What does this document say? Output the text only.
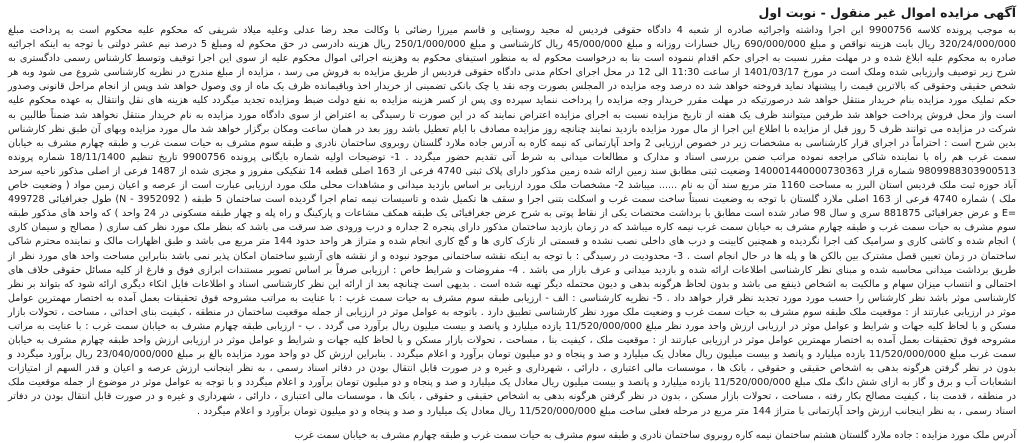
آگهی مزایده اموال غیر منقول - نوبت اول

به موجب پرونده کلاسه 9900756 این اجرا وداشته واجرائیه صادره از شعبه 4 دادگاه حقوقی فردیس له مجید روستایی و قاسم میرزا رضائی با وکالت مجد رضا عدلی وعلیه میلاد شریفی که محکوم علیه محکوم است به پرداخت مبلغ 320/24/000/000 ریال بابت هزینه نواقص و مبلغ 690/000/000 ریال خسارات روزانه و مبلغ 45/000/000 ریال کارشناسی و مبلغ 250/1/000/000 ریال هزینه دادرسی در حق محکوم له ومبلغ 5 درصد نیم عشر دولتی با توجه به اینکه اجرائیه صادره به محکوم علیه ابلاغ شده و در مهلت مقرر نسبت به اجرای حکم اقدام ننموده است بنا به درخواست محکوم له به منظور استیفای محکوم به وهزینه اجرائی اموال محکوم علیه از سوی این اجرا توقیف وتوسط کارشناس رسمی دادگستری به شرح زیر توصیف وارزیابی شده وملک است در مورخ 1401/03/17 از ساعت 11:30 الی 12 در محل اجرای احکام مدنی دادگاه حقوقی فردیس از طریق مزایده به فروش می رسد ، مزایده از مبلغ مندرج در نظریه کارشناسی شروع می شود وبه هر شخص حقیقی وحقوقی که بالاترین قیمت را پیشنهاد نماید فروخته خواهد شد ده درصد وجه مزایده در المجلس بصورت وجه نقد یا چک بانکی تضمینی از خریدار اخذ وباقیمانده ظرف یک ماه از وی وصول خواهد شد وپس از انجام مراحل قانونی وصدور حکم تملیک مورد مزایده بنام خریدار منتقل خواهد شد درصورتیکه در مهلت مقرر خریدار وجه مزایده را پرداخت ننماید سپرده وی پس از کسر هزینه مزایده به نفع دولت ضبط ومزایده تجدید میگردد کلیه هزینه های نقل وانتقال به عهده محکوم علیه است واز محل فروش پرداخت خواهد شد طرفین میتوانند ظرف یک هفته از تاریخ مزایده نسبت به اجرای مزایده اعتراض نمایند که در این صورت تا رسیدگی به اعتراض از سوی دادگاه مورد مزایده به نام خریدار منتقل نخواهد شد ضمناً طالبین به شرکت در مزایده می توانند ظرف 5 روز قبل از مزایده با اطلاع این اجرا از مال مورد مزایده بازدید نمایند چنانچه روز مزایده مصادف با ایام تعطیل باشد روز بعد در همان ساعت ومکان برگزار خواهد شد مال مورد مزایده وبهای آن طبق نظر کارشناس بدین شرح است : احتراماً در اجرای قرار کارشناسی به مشخصات زیر در خصوص ارزیابی 2 واحد آپارتمانی که نیمه کاره به آدرس جاده ملارد گلستان روبروی ساختمان نادری و طبقه سوم مشرف به حیات سمت غرب و طبقه چهارم مشرف به خیابان سمت غرب هم راه با نماینده شاکی مراجعه نموده مراتب ضمن بررسی اسناد و مدارک و مطالعات میدانی به شرط آتی تقدیم حضور میگردد . 1- توضیحات اولیه شماره بایگانی پرونده 9900756 تاریخ تنظیم 18/11/1400 شماره پرونده 9809988303900513 شماره قرار 140001440000730363 وضعیت ثبتی مطابق سند زمین ارائه شده زمین مذکور دارای پلاک ثبتی 4740 فرعی از 163 اصلی قطعه 14 تفکیکی مفروز و مجزی شده از 1487 فرعی از اصلی مذکور ناحیه سرحد آباد حوزه ثبت ملک فردیس استان البرز به مساحت 1160 متر مربع سند آن به نام ...... میباشد 2- مشخصات ملک مورد ارزیابی بر اساس بازدید میدانی و مشاهدات محلی ملک مورد ارزیابی عبارت است از عرصه و اعیان زمین مواد ( وضعیت خاص ملک ) شماره 4740 فرعی از 163 اصلی ملارد گلستان با توجه به وضعیت نسبتاً ساخت سمت غرب و اسکلت بتنی اجرا و سقف ها تکمیل شده و تاسیسات نیمه تمام اجرا گردیده است ساختمان 5 طبقه ( 3952092 - N) طول جغرافیائی 499728 =E و عرض جغرافیائی 881875 سری و سال 98 صادر شده است مطابق با برداشت مختصات یکی از نقاط پوتی به شرح عرض جغرافیائی یک طبقه همکف مشاعات و پارکینگ و راه پله و چهار طبقه مسکونی در 24 واحد ) که واحد های مذکور طبقه سوم مشرف به حیات سمت غرب و طبقه چهارم مشرف به خیابان سمت غرب نیمه کاره میباشد که در زمان بازدید ساختمان مذکور دارای پنجره 2 جداره و درب ورودی ضد سرقت می باشد که بنظر ملک مورد نظر کف سازی ( مصالح و سیمان کاری ) انجام شده و کاشی کاری و سرامیک کف اجرا نگردیده و همچنین کابینت و درب های داخلی نصب نشده و قسمتی از نازک کاری ها و گچ کاری انجام شده و متراژ هر واحد حدود 144 متر مربع می باشد و طبق اظهارات مالک و نماینده محترم شاکی ساختمان در زمان تعیین قصل مشترک بین بالکن ها و پله ها در حال انجام است . 3- محدودیت در رسیدگی : با توجه به اینکه نقشه ساختمانی موجود نبوده و از نقشه های آرشیو ساختمان امکان پذیر نمی باشد بنابراین مساحت واحد های مورد نظر از طریق برداشت میدانی محاسبه شده و مبنای نظر کارشناسی اطلاعات ارائه شده و بازدید میدانی و عرف بازار می باشد . 4- مفروضات و شرایط خاص : ارزیابی صرفاً بر اساس تصویر مستندات ابرازی فوق و فارغ از کلیه مسائل حقوقی خلاف های احتمالی و انتساب میزان سهام و مالکیت به اشخاص ذینفع می باشد و بدون لحاظ هرگونه بدهی و دیون محتمله دیگر تهیه شده است . بدیهی است چنانچه بعد از ارائه این نظر کارشناسی اسناد و اطلاعات فایل اتکاء دیگری ارائه شود که بتواند بر نظر کارشناسی موثر باشد نظر کارشناس را حسب مورد مورد تجدید نظر قرار خواهد داد . 5- نظریه کارشناسی : الف - ارزیابی طبقه سوم مشرف به حیات سمت غرب : با عنایت به مراتب مشروحه فوق تحقیقات بعمل آمده به اختصار مهمترین عوامل موثر در ارزیابی عبارتند از : موقعیت ملک طبقه سوم مشرف به حیات سمت غرب و وضعیت ملک مورد نظر کارشناسی تطبیق دارد . باتوجه به عوامل موثر در ارزیابی از جمله موقعیت ساختمان در منطقه ، کیفیت بنای احداثی ، مساحت ، تحولات بازار مسکن و با لحاظ کلیه جهات و شرایط و عوامل موثر در ارزیابی ارزش واحد مورد نظر مبلغ 11/520/000/000 یازده میلیارد و پانصد و بیست میلیون ریال برآورد می گردد . ب - ارزیابی طبقه چهارم مشرف به خیابان سمت غرب : با عنایت به مراتب مشروحه فوق تحقیقات بعمل آمده به اختصار مهمترین عوامل موثر در ارزیابی عبارتند از : موقعیت ملک ، کیفیت بنا ، مساحت ، تحولات بازار مسکن و با لحاظ کلیه جهات و شرایط و عوامل موثر در ارزیابی ارزش واحد طبقه چهارم مشرف به خیابان سمت غرب مبلغ 11/520/000/000 یازده میلیارد و پانصد و بیست میلیون ریال معادل یک میلیارد و صد و پنجاه و دو میلیون تومان برآورد و اعلام میگردد . بنابراین ارزش کل دو واحد مورد مزایده بالغ بر مبلغ 23/040/000/000 ریال برآورد میگردد و بدون در نظر گرفتن هرگونه بدهی به اشخاص حقیقی و حقوقی ، بانک ها ، موسسات مالی اعتباری ، دارائی ، شهرداری و غیره و در صورت قابل انتقال بودن در دفاتر اسناد رسمی ، به نظر اینجانب ارزش عرصه و اعیان و قدر السهم از امتیازات انشعابات آب و برق و گاز به ازای شش دانگ ملک مبلغ 11/520/000/000 یازده میلیارد و پانصد و بیست میلیون ریال معادل یک میلیارد و صد و پنجاه و دو میلیون تومان برآورد و اعلام میگردد و با توجه به عوامل موثر در موضوع از جمله موقعیت ملک در منطقه ، قدمت بنا ، کیفیت مصالح بکار رفته ، مساحت ، تحولات بازار مسکن ، بدون در نظر گرفتن هرگونه بدهی به اشخاص حقیقی و حقوقی ، بانک ها ، موسسات مالی اعتباری ، دارائی ، شهرداری و غیره و در صورت قابل انتقال بودن در دفاتر اسناد رسمی ، به نظر اینجانب ارزش واحد آپارتمانی با متراژ 144 متر مربع در مرحله فعلی ساخت مبلغ 11/520/000/000 ریال معادل یک میلیارد و صد و پنجاه و دو میلیون تومان برآورد و اعلام میگردد .

آدرس ملک مورد مزایده : جاده ملارد گلستان هشتم ساختمان نیمه کاره روبروی ساختمان نادری و طبقه سوم مشرف به حیات سمت غرب و طبقه چهارم مشرف به خیابان سمت غرب
